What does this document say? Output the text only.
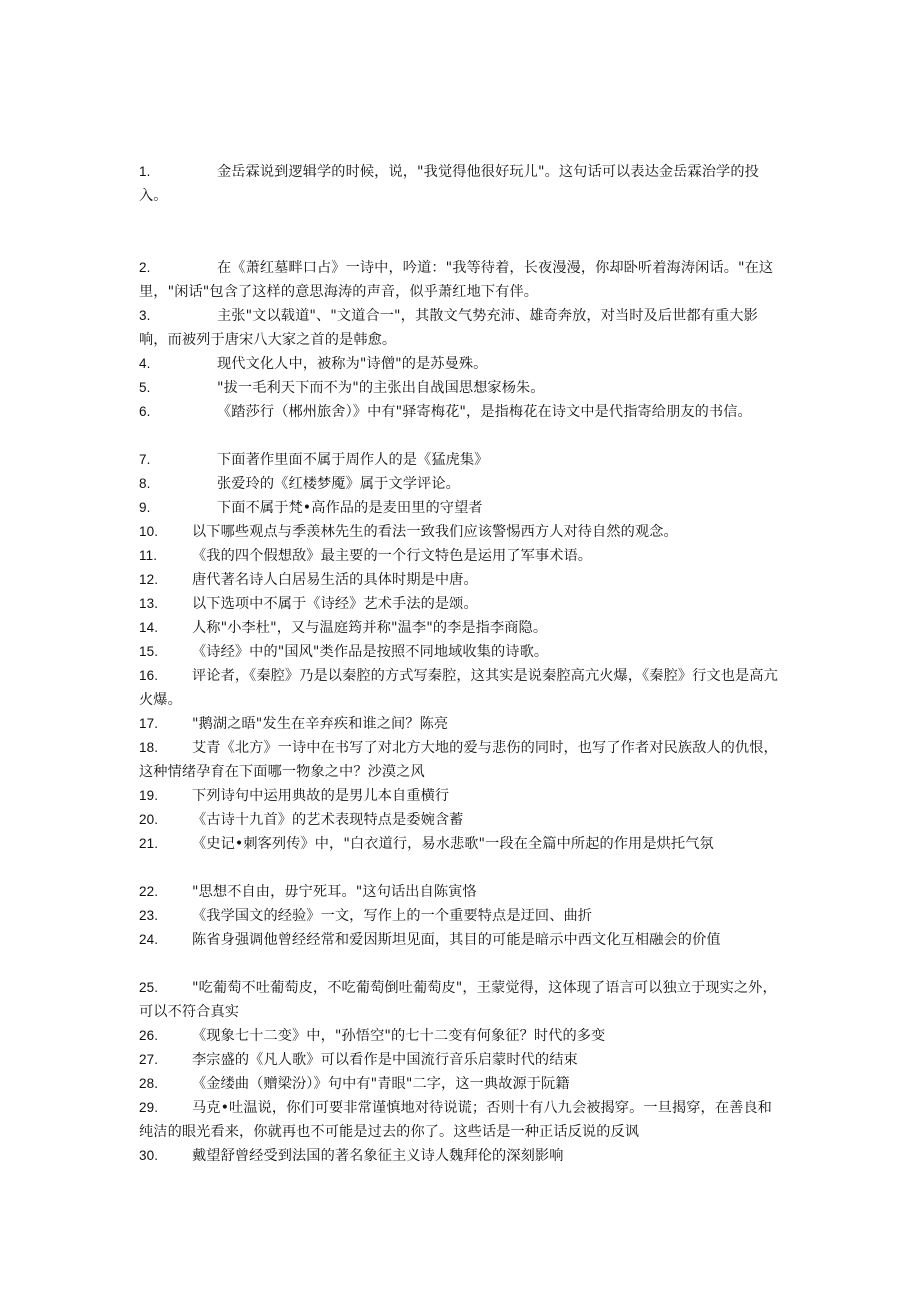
1.	金岳霖说到逻辑学的时候，说，"我觉得他很好玩儿"。这句话可以表达金岳霖治学的投入。
2.	在《萧红墓畔口占》一诗中，吟道："我等待着，长夜漫漫，你却卧听着海涛闲话。"在这里，"闲话"包含了这样的意思海涛的声音，似乎萧红地下有伴。
3.	主张"文以载道"、"文道合一"，其散文气势充沛、雄奇奔放，对当时及后世都有重大影响，而被列于唐宋八大家之首的是韩愈。
4.	现代文化人中，被称为"诗僧"的是苏曼殊。
5.	"拔一毛利天下而不为"的主张出自战国思想家杨朱。
6.	《踏莎行（郴州旅舍）》中有"驿寄梅花"，是指梅花在诗文中是代指寄给朋友的书信。
7.	下面著作里面不属于周作人的是《猛虎集》
8.	张爱玲的《红楼梦魇》属于文学评论。
9.	下面不属于梵•高作品的是麦田里的守望者
10. 以下哪些观点与季羡林先生的看法一致我们应该警惕西方人对待自然的观念。
11. 《我的四个假想敌》最主要的一个行文特色是运用了军事术语。
12. 唐代著名诗人白居易生活的具体时期是中唐。
13. 以下选项中不属于《诗经》艺术手法的是颂。
14. 人称"小李杜"，又与温庭筠并称"温李"的李是指李商隐。
15. 《诗经》中的"国风"类作品是按照不同地域收集的诗歌。
16. 评论者，《秦腔》乃是以秦腔的方式写秦腔，这其实是说秦腔高亢火爆，《秦腔》行文也是高亢火爆。
17. "鹅湖之晤"发生在辛弃疾和谁之间？陈亮
18. 艾青《北方》一诗中在书写了对北方大地的爱与悲伤的同时，也写了作者对民族敌人的仇恨，这种情绪孕育在下面哪一物象之中？沙漠之风
19. 下列诗句中运用典故的是男儿本自重横行
20. 《古诗十九首》的艺术表现特点是委婉含蓄
21. 《史记•刺客列传》中，"白衣道行，易水悲歌"一段在全篇中所起的作用是烘托气氛
22. "思想不自由，毋宁死耳。"这句话出自陈寅恪
23. 《我学国文的经验》一文，写作上的一个重要特点是迂回、曲折
24. 陈省身强调他曾经经常和爱因斯坦见面，其目的可能是暗示中西文化互相融会的价值
25. "吃葡萄不吐葡萄皮，不吃葡萄倒吐葡萄皮"，王蒙觉得，这体现了语言可以独立于现实之外，可以不符合真实
26. 《现象七十二变》中，"孙悟空"的七十二变有何象征？时代的多变
27. 李宗盛的《凡人歌》可以看作是中国流行音乐启蒙时代的结束
28. 《金缕曲（赠梁汾）》句中有"青眼"二字，这一典故源于阮籍
29. 马克•吐温说，你们可要非常谨慎地对待说谎；否则十有八九会被揭穿。一旦揭穿，在善良和纯洁的眼光看来，你就再也不可能是过去的你了。这些话是一种正话反说的反讽
30. 戴望舒曾经受到法国的著名象征主义诗人魏拜伦的深刻影响
